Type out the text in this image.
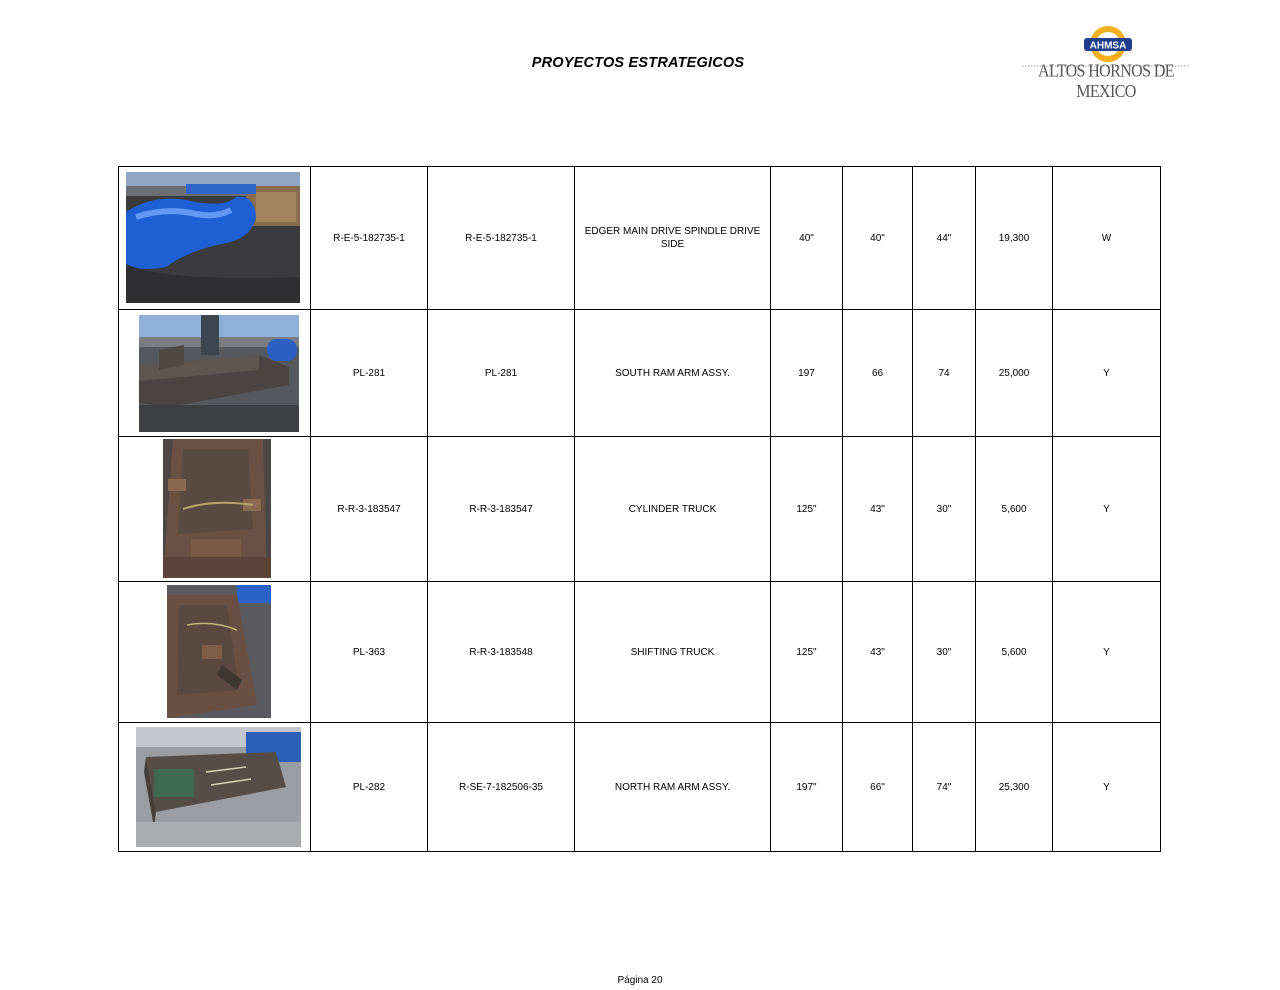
PROYECTOS ESTRATEGICOS
AHMSA
ALTOS HORNOS DE MEXICO
	R-E-5-182735-1	R-E-5-182735-1	EDGER MAIN DRIVE SPINDLE DRIVE SIDE	40"	40"	44"	19,300	W

	PL-281	PL-281	SOUTH RAM ARM ASSY.	197	66	74	25,000	Y

	R-R-3-183547	R-R-3-183547	CYLINDER TRUCK	125"	43"	30"	5,600	Y

	PL-363	R-R-3-183548	SHIFTING TRUCK	125"	43"	30"	5,600	Y

	PL-282	R-SE-7-182506-35	NORTH RAM ARM ASSY.	197"	66"	74"	25,300	Y
Página 20
